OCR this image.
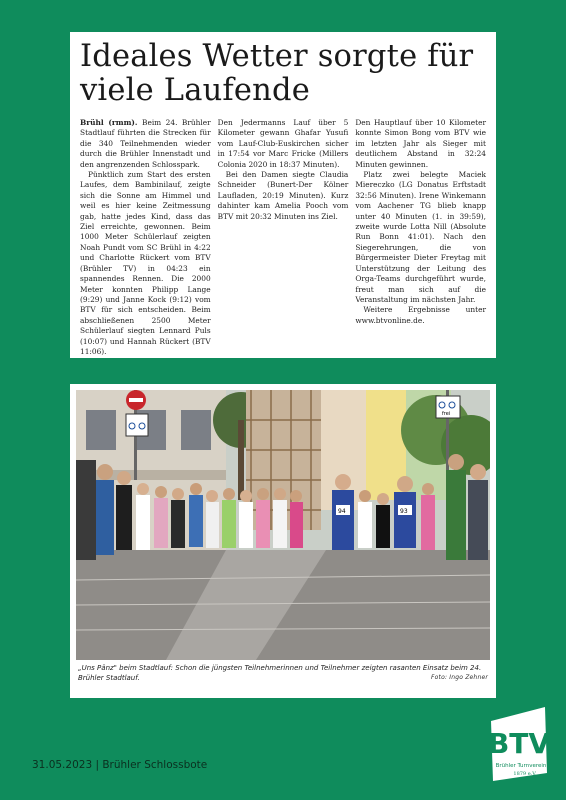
Ideales Wetter sorgte für viele Laufende

Brühl (rmm). Beim 24. Brühler Stadtlauf führten die Strecken für die 340 Teilnehmenden wieder durch die Brühler Innenstadt und den angrenzenden Schlosspark.

Pünktlich zum Start des ersten Laufes, dem Bambinilauf, zeigte sich die Sonne am Himmel und weil es hier keine Zeitmessung gab, hatte jedes Kind, dass das Ziel erreichte, gewonnen. Beim 1000 Meter Schülerlauf zeigten Noah Pundt vom SC Brühl in 4:22 und Charlotte Rückert vom BTV (Brühler TV) in 04:23 ein spannendes Rennen. Die 2000 Meter konnten Philipp Lange (9:29) und Janne Kock (9:12) vom BTV für sich entscheiden. Beim abschließenen 2500 Meter Schülerlauf siegten Lennard Puls (10:07) und Hannah Rückert (BTV 11:06).

Den Jedermanns Lauf über 5 Kilometer gewann Ghafar Yusufi vom Lauf-Club-Euskirchen sicher in 17:54 vor Marc Fricke (Millers Colonia 2020 in 18:37 Minuten).

Bei den Damen siegte Claudia Schneider (Bunert-Der Kölner Laufladen, 20:19 Minuten). Kurz dahinter kam Amelia Pooch vom BTV mit 20:32 Minuten ins Ziel.

Den Hauptlauf über 10 Kilometer konnte Simon Bong vom BTV wie im letzten Jahr als Sieger mit deutlichem Abstand in 32:24 Minuten gewinnen.

Platz zwei belegte Maciek Miereczko (LG Donatus Erftstadt 32:56 Minuten). Irene Winkemann vom Aachener TG blieb knapp unter 40 Minuten (1. in 39:59), zweite wurde Lotta Nill (Absolute Run Bonn 41:01). Nach den Siegerehrungen, die von Bürgermeister Dieter Freytag mit Unterstützung der Leitung des Orga-Teams durchgeführt wurde, freut man sich auf die Veranstaltung im nächsten Jahr.

Weitere Ergebnisse unter www.btvonline.de.

frei
94	93
„Uns Pänz" beim Stadtlauf: Schon die jüngsten Teilnehmerinnen und Teilnehmer zeigten rasanten Einsatz beim 24. Brühler Stadtlauf.	Foto: Ingo Zehner
31.05.2023 | Brühler Schlossbote
BTV
Brühler Turnverein
1879 e.V.
